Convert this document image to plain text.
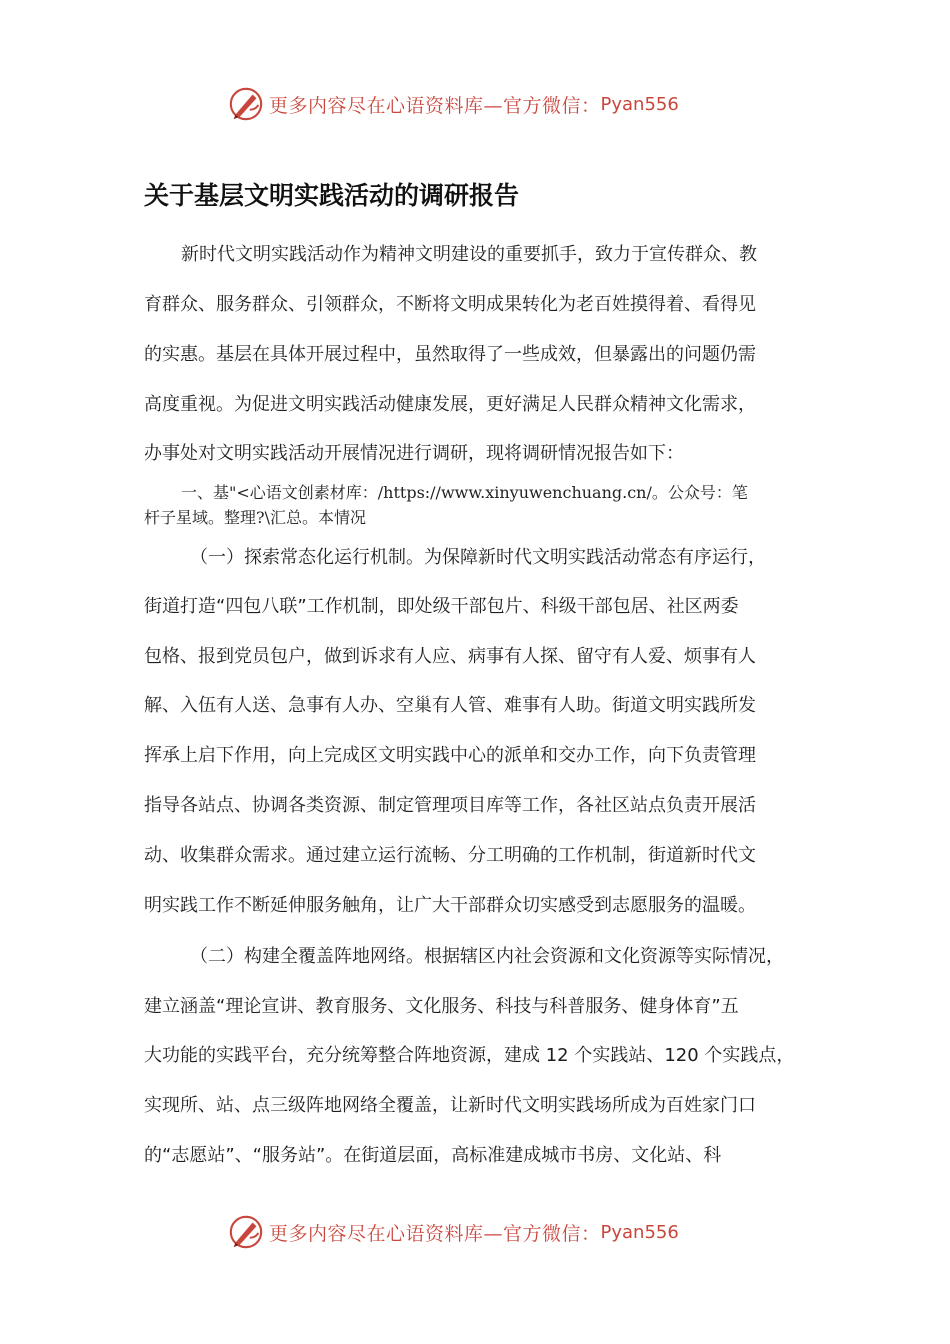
更多内容尽在心语资料库—官方微信： Pyan556
关于基层文明实践活动的调研报告
新时代文明实践活动作为精神文明建设的重要抓手，致力于宣传群众、教
育群众、服务群众、引领群众，不断将文明成果转化为老百姓摸得着、看得见
的实惠。基层在具体开展过程中，虽然取得了一些成效，但暴露出的问题仍需
高度重视。为促进文明实践活动健康发展，更好满足人民群众精神文化需求，
办事处对文明实践活动开展情况进行调研，现将调研情况报告如下：
一、基"<心语文创素材库：/https://www.xinyuwenchuang.cn/。公众号：笔
杆子星域。整理?\汇总。本情况
（一）探索常态化运行机制。为保障新时代文明实践活动常态有序运行，
街道打造“四包八联”工作机制，即处级干部包片、科级干部包居、社区两委
包格、报到党员包户，做到诉求有人应、病事有人探、留守有人爱、烦事有人
解、入伍有人送、急事有人办、空巢有人管、难事有人助。街道文明实践所发
挥承上启下作用，向上完成区文明实践中心的派单和交办工作，向下负责管理
指导各站点、协调各类资源、制定管理项目库等工作，各社区站点负责开展活
动、收集群众需求。通过建立运行流畅、分工明确的工作机制，街道新时代文
明实践工作不断延伸服务触角，让广大干部群众切实感受到志愿服务的温暖。
（二）构建全覆盖阵地网络。根据辖区内社会资源和文化资源等实际情况，
建立涵盖“理论宣讲、教育服务、文化服务、科技与科普服务、健身体育”五
大功能的实践平台，充分统筹整合阵地资源，建成 12 个实践站、120 个实践点，
实现所、站、点三级阵地网络全覆盖，让新时代文明实践场所成为百姓家门口
的“志愿站”、“服务站”。在街道层面，高标准建成城市书房、文化站、科
更多内容尽在心语资料库—官方微信： Pyan556
